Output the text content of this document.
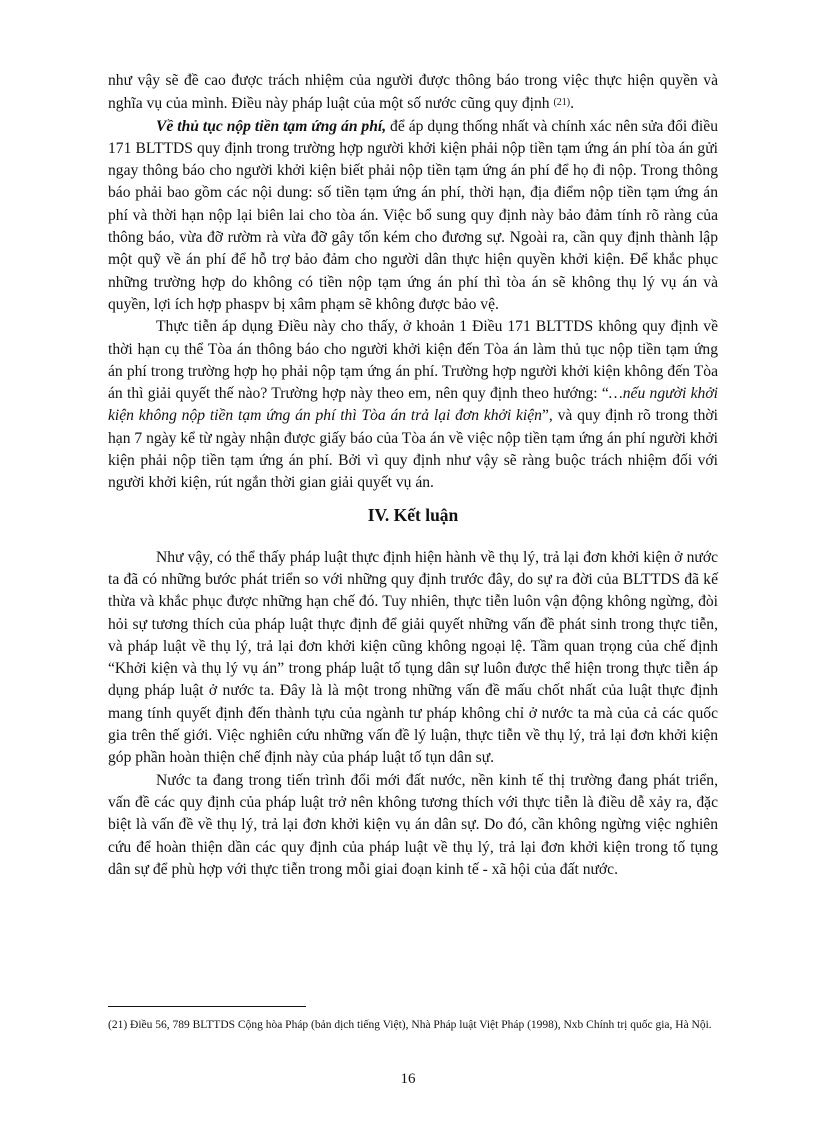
như vậy sẽ đề cao được trách nhiệm của người được thông báo trong việc thực hiện quyền và nghĩa vụ của mình. Điều này pháp luật của một số nước cũng quy định $^{(21)}$.

Về thủ tục nộp tiền tạm ứng án phí, để áp dụng thống nhất và chính xác nên sửa đổi điều 171 BLTTDS quy định trong trường hợp người khởi kiện phải nộp tiền tạm ứng án phí tòa án gửi ngay thông báo cho người khởi kiện biết phải nộp tiền tạm ứng án phí để họ đi nộp. Trong thông báo phải bao gồm các nội dung: số tiền tạm ứng án phí, thời hạn, địa điểm nộp tiền tạm ứng án phí và thời hạn nộp lại biên lai cho tòa án. Việc bổ sung quy định này bảo đảm tính rõ ràng của thông báo, vừa đỡ rườm rà vừa đỡ gây tốn kém cho đương sự. Ngoài ra, cần quy định thành lập một quỹ về án phí để hỗ trợ bảo đảm cho người dân thực hiện quyền khởi kiện. Để khắc phục những trường hợp do không có tiền nộp tạm ứng án phí thì tòa án sẽ không thụ lý vụ án và quyền, lợi ích hợp phaspv bị xâm phạm sẽ không được bảo vệ.

Thực tiễn áp dụng Điều này cho thấy, ở khoản 1 Điều 171 BLTTDS không quy định về thời hạn cụ thể Tòa án thông báo cho người khởi kiện đến Tòa án làm thủ tục nộp tiền tạm ứng án phí trong trường hợp họ phải nộp tạm ứng án phí. Trường hợp người khởi kiện không đến Tòa án thì giải quyết thế nào? Trường hợp này theo em, nên quy định theo hướng: “…nếu người khởi kiện không nộp tiền tạm ứng án phí thì Tòa án trả lại đơn khởi kiện”, và quy định rõ trong thời hạn 7 ngày kể từ ngày nhận được giấy báo của Tòa án về việc nộp tiền tạm ứng án phí người khởi kiện phải nộp tiền tạm ứng án phí. Bởi vì quy định như vậy sẽ ràng buộc trách nhiệm đối với người khởi kiện, rút ngắn thời gian giải quyết vụ án.

IV. Kết luận

Như vậy, có thể thấy pháp luật thực định hiện hành về thụ lý, trả lại đơn khởi kiện ở nước ta đã có những bước phát triển so với những quy định trước đây, do sự ra đời của BLTTDS đã kế thừa và khắc phục được những hạn chế đó. Tuy nhiên, thực tiễn luôn vận động không ngừng, đòi hỏi sự tương thích của pháp luật thực định để giải quyết những vấn đề phát sinh trong thực tiễn, và pháp luật về thụ lý, trả lại đơn khởi kiện cũng không ngoại lệ. Tầm quan trọng của chế định “Khởi kiện và thụ lý vụ án” trong pháp luật tố tụng dân sự luôn được thể hiện trong thực tiễn áp dụng pháp luật ở nước ta. Đây là là một trong những vấn đề mấu chốt nhất của luật thực định mang tính quyết định đến thành tựu của ngành tư pháp không chỉ ở nước ta mà của cả các quốc gia trên thế giới. Việc nghiên cứu những vấn đề lý luận, thực tiễn về thụ lý, trả lại đơn khởi kiện góp phần hoàn thiện chế định này của pháp luật tố tụn dân sự.

Nước ta đang trong tiến trình đổi mới đất nước, nền kinh tế thị trường đang phát triển, vấn đề các quy định của pháp luật trở nên không tương thích với thực tiễn là điều dễ xảy ra, đặc biệt là vấn đề về thụ lý, trả lại đơn khởi kiện vụ án dân sự. Do đó, cần không ngừng việc nghiên cứu để hoàn thiện dần các quy định của pháp luật về thụ lý, trả lại đơn khởi kiện trong tố tụng dân sự để phù hợp với thực tiễn trong mỗi giai đoạn kinh tế - xã hội của đất nước.

(21) Điều 56, 789 BLTTDS Cộng hòa Pháp (bản dịch tiếng Việt), Nhà Pháp luật Việt Pháp (1998), Nxb Chính trị quốc gia, Hà Nội.
16
